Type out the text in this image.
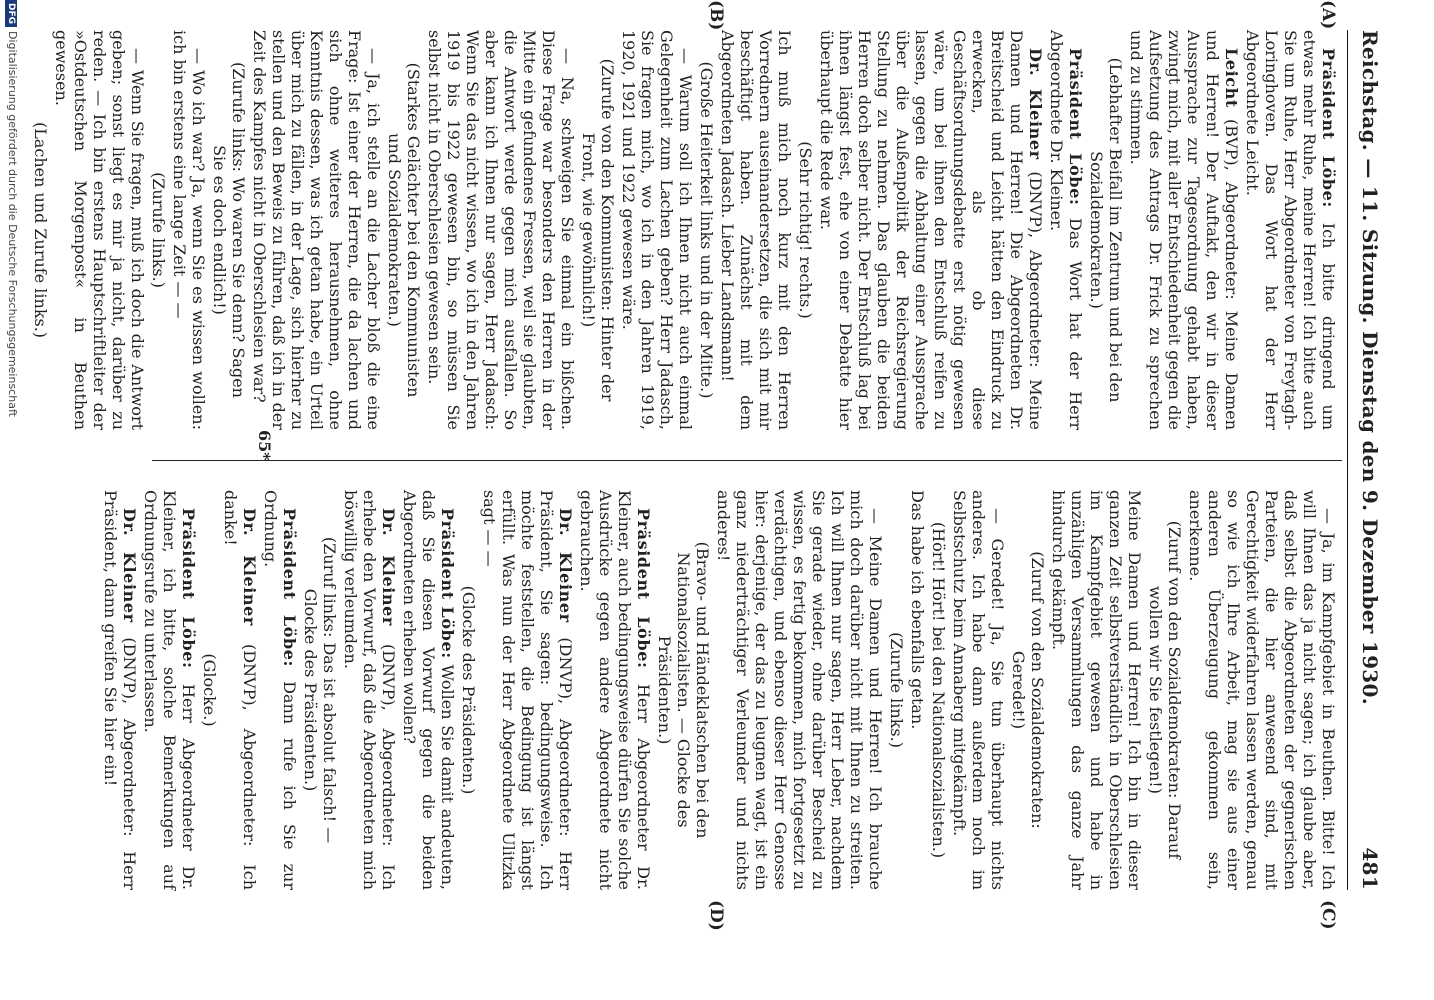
Reichstag. — 11. Sitzung. Dienstag den 9. Dezember 1930.
481
(A)
(B)
(C)
(D)

Präsident Löbe: Ich bitte dringend um etwas mehr Ruhe, meine Herren! Ich bitte auch Sie um Ruhe, Herr Abgeordneter von Freytagh-Loringhoven. Das Wort hat der Herr Abgeordnete Leicht.

Leicht (BVP), Abgeordneter: Meine Damen und Herren! Der Auftakt, den wir in dieser Aussprache zur Tagesordnung gehabt haben, zwingt mich, mit aller Entschiedenheit gegen die Aufsetzung des Antrags Dr. Frick zu sprechen und zu stimmen.

(Lebhafter Beifall im Zentrum und bei den Sozialdemokraten.)

Präsident Löbe: Das Wort hat der Herr Abgeordnete Dr. Kleiner.

Dr. Kleiner (DNVP), Abgeordneter: Meine Damen und Herren! Die Abgeordneten Dr. Breitscheid und Leicht hätten den Eindruck zu erwecken, als ob diese Geschäftsordnungsdebatte erst nötig gewesen wäre, um bei ihnen den Entschluß reifen zu lassen, gegen die Abhaltung einer Aussprache über die Außenpolitik der Reichsregierung Stellung zu nehmen. Das glauben die beiden Herren doch selber nicht. Der Entschluß lag bei ihnen längst fest, ehe von einer Debatte hier überhaupt die Rede war.

(Sehr richtig! rechts.)

Ich muß mich noch kurz mit den Herren Vorrednern auseinandersetzen, die sich mit mir beschäftigt haben. Zunächst mit dem Abgeordneten Jadasch. Lieber Landsmann!

(Große Heiterkeit links und in der Mitte.)

— Warum soll ich Ihnen nicht auch einmal Gelegenheit zum Lachen geben? Herr Jadasch, Sie fragen mich, wo ich in den Jahren 1919, 1920, 1921 und 1922 gewesen wäre.

(Zurufe von den Kommunisten: Hinter der Front, wie gewöhnlich!)

— Na, schweigen Sie einmal ein bißchen. Diese Frage war besonders den Herren in der Mitte ein gefundenes Fressen, weil sie glaubten, die Antwort werde gegen mich ausfallen. So aber kann ich Ihnen nur sagen, Herr Jadasch: Wenn Sie das nicht wissen, wo ich in den Jahren 1919 bis 1922 gewesen bin, so müssen Sie selbst nicht in Oberschlesien gewesen sein.

(Starkes Gelächter bei den Kommunisten und Sozialdemokraten.)

— Ja, ich stelle an die Lacher bloß die eine Frage: Ist einer der Herren, die da lachen und sich ohne weiteres herausnehmen, ohne Kenntnis dessen, was ich getan habe, ein Urteil über mich zu fällen, in der Lage, sich hierher zu stellen und den Beweis zu führen, daß ich in der Zeit des Kampfes nicht in Oberschlesien war?

(Zurufe links: Wo waren Sie denn? Sagen Sie es doch endlich!)

— Wo ich war? Ja, wenn Sie es wissen wollen: ich bin erstens eine lange Zeit — —

(Zurufe links.)

— Wenn Sie fragen, muß ich doch die Antwort geben; sonst liegt es mir ja nicht, darüber zu reden. — Ich bin erstens Hauptschriftleiter der »Ostdeutschen Morgenpost« in Beuthen gewesen.

(Lachen und Zurufe links.)

— Ja, im Kampfgebiet in Beuthen. Bitte! Ich will Ihnen das ja nicht sagen; ich glaube aber, daß selbst die Abgeordneten der gegnerischen Parteien, die hier anwesend sind, mit Gerechtigkeit widerfahren lassen werden, genau so wie ich Ihre Arbeit, mag sie aus einer anderen Überzeugung gekommen sein, anerkenne.

(Zuruf von den Sozialdemokraten: Darauf wollen wir Sie festlegen!)

Meine Damen und Herren! Ich bin in dieser ganzen Zeit selbstverständlich in Oberschlesien im Kampfgebiet gewesen und habe in unzähligen Versammlungen das ganze Jahr hindurch gekämpft.

(Zuruf von den Sozialdemokraten: Geredet!)

— Geredet! Ja, Sie tun überhaupt nichts anderes. Ich habe dann außerdem noch im Selbstschutz beim Annaberg mitgekämpft.

(Hört! Hört! bei den Nationalsozialisten.)

Das habe ich ebenfalls getan.

(Zurufe links.)

— Meine Damen und Herren! Ich brauche mich doch darüber nicht mit Ihnen zu streiten. Ich will Ihnen nur sagen, Herr Leber, nachdem Sie gerade wieder, ohne darüber Bescheid zu wissen, es fertig bekommen, mich fortgesetzt zu verdächtigen, und ebenso dieser Herr Genosse hier: derjenige, der das zu leugnen wagt, ist ein ganz niederträchtiger Verleumder und nichts anderes!

(Bravo- und Händeklatschen bei den Nationalsozialisten. — Glocke des Präsidenten.)

Präsident Löbe: Herr Abgeordneter Dr. Kleiner, auch bedingungsweise dürfen Sie solche Ausdrücke gegen andere Abgeordnete nicht gebrauchen.

Dr. Kleiner (DNVP), Abgeordneter: Herr Präsident, Sie sagen: bedingungsweise. Ich möchte feststellen, die Bedingung ist längst erfüllt. Was nun der Herr Abgeordnete Ulitzka sagt — —

(Glocke des Präsidenten.)

Präsident Löbe: Wollen Sie damit andeuten, daß Sie diesen Vorwurf gegen die beiden Abgeordneten erheben wollen?

Dr. Kleiner (DNVP), Abgeordneter: Ich erhebe den Vorwurf, daß die Abgeordneten mich böswillig verleumden.

(Zuruf links: Das ist absolut falsch! — Glocke des Präsidenten.)

Präsident Löbe: Dann rufe ich Sie zur Ordnung.

Dr. Kleiner (DNVP), Abgeordneter: Ich danke!

(Glocke.)

Präsident Löbe: Herr Abgeordneter Dr. Kleiner, ich bitte, solche Bemerkungen auf Ordnungsrufe zu unterlassen.

Dr. Kleiner (DNVP), Abgeordneter: Herr Präsident, dann greifen Sie hier ein!

65*
DFGDigitalisierung gefördert durch die Deutsche Forschungsgemeinschaft
